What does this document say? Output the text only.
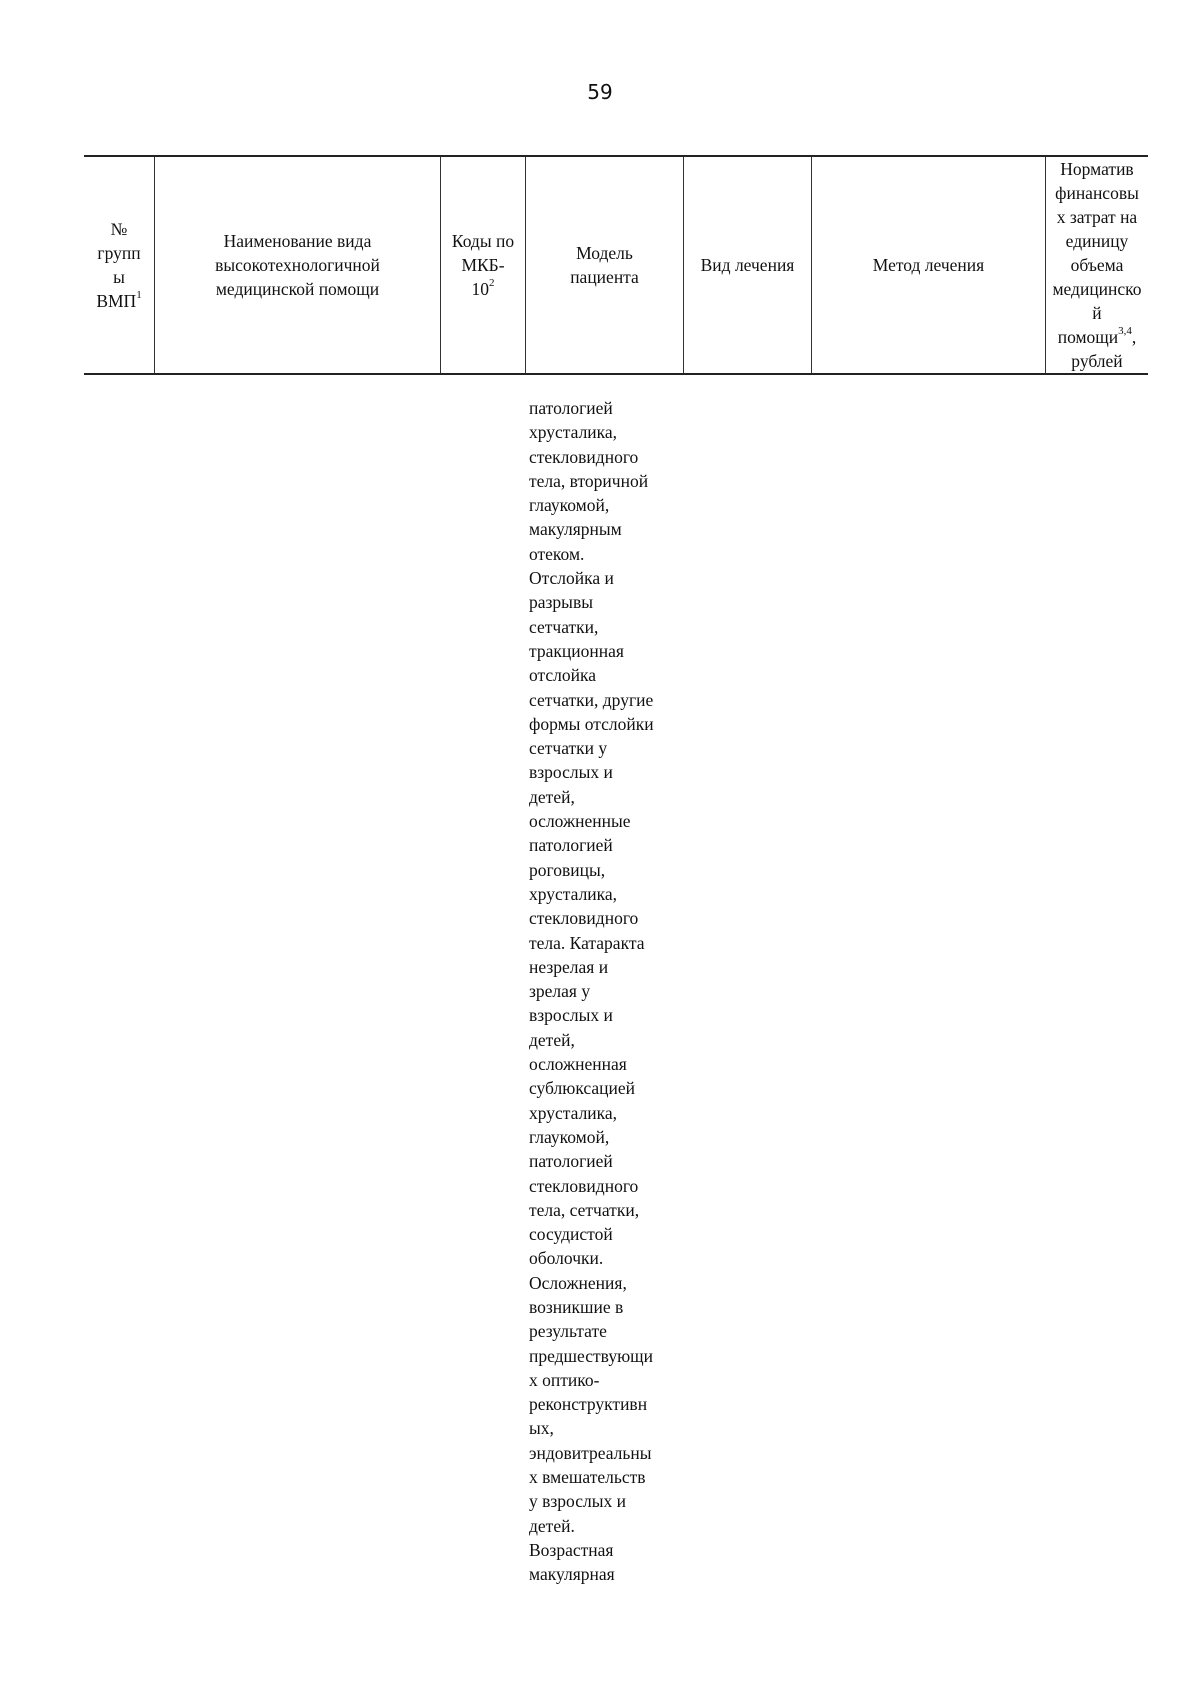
59
№
групп
ы
ВМП$^1$
Наименование вида
высокотехнологичной
медицинской помощи
Коды по
МКБ-
$10^2$
Модель
пациента
Вид лечения	Метод лечения
Норматив
финансовы
х затрат на
единицу
объема
медицинско
й
помощи$^{3,4}$,
рублей
патологией
хрусталика,
стекловидного
тела, вторичной
глаукомой,
макулярным
отеком.
Отслойка и
разрывы
сетчатки,
тракционная
отслойка
сетчатки, другие
формы отслойки
сетчатки у
взрослых и
детей,
осложненные
патологией
роговицы,
хрусталика,
стекловидного
тела. Катаракта
незрелая и
зрелая у
взрослых и
детей,
осложненная
сублюксацией
хрусталика,
глаукомой,
патологией
стекловидного
тела, сетчатки,
сосудистой
оболочки.
Осложнения,
возникшие в
результате
предшествующи
х оптико-
реконструктивн
ых,
эндовитреальны
х вмешательств
у взрослых и
детей.
Возрастная
макулярная
